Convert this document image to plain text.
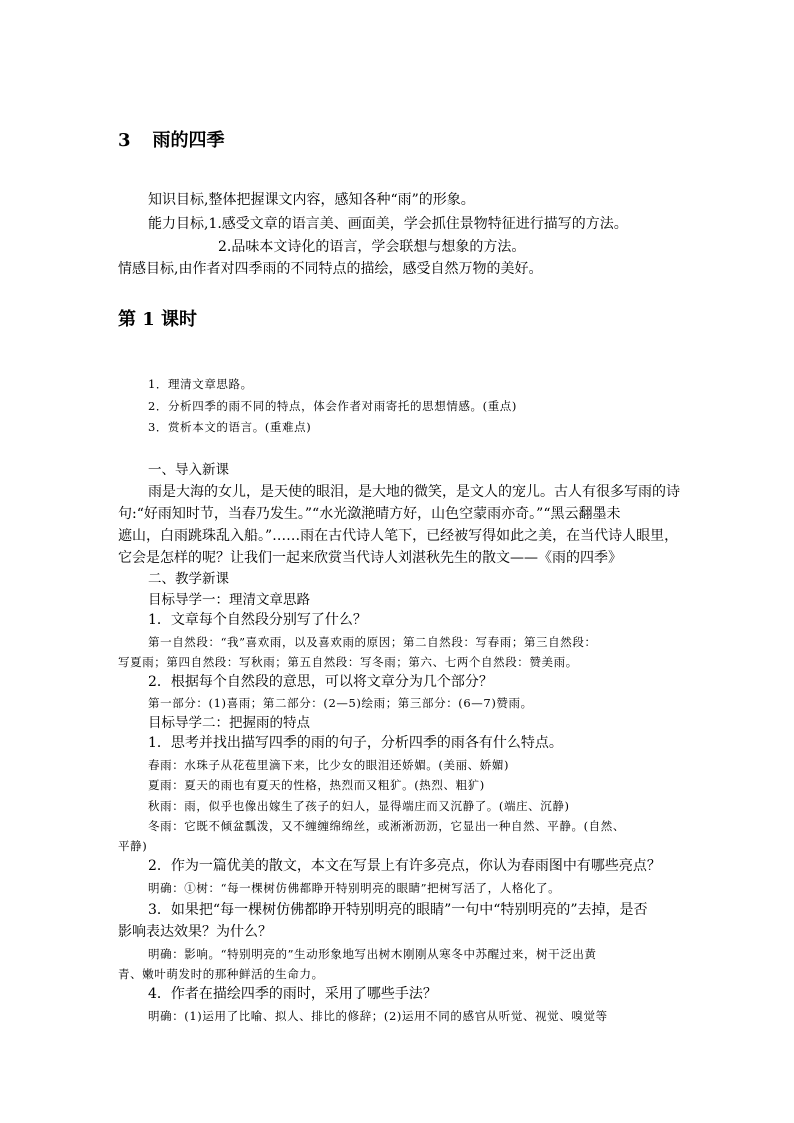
3 雨的四季
知识目标,整体把握课文内容，感知各种“雨”的形象。
能力目标,1.感受文章的语言美、画面美，学会抓住景物特征进行描写的方法。
2.品味本文诗化的语言，学会联想与想象的方法。
情感目标,由作者对四季雨的不同特点的描绘，感受自然万物的美好。
第 1 课时
1．理清文章思路。
2．分析四季的雨不同的特点，体会作者对雨寄托的思想情感。(重点)
3．赏析本文的语言。(重难点)
一、导入新课
雨是大海的女儿，是天使的眼泪，是大地的微笑，是文人的宠儿。古人有很多写雨的诗
句:“好雨知时节，当春乃发生。”“水光潋滟晴方好，山色空蒙雨亦奇。”“黑云翻墨未
遮山，白雨跳珠乱入船。”……雨在古代诗人笔下，已经被写得如此之美，在当代诗人眼里，
它会是怎样的呢？让我们一起来欣赏当代诗人刘湛秋先生的散文——《雨的四季》
二、教学新课
目标导学一：理清文章思路
1．文章每个自然段分别写了什么？
第一自然段：“我”喜欢雨，以及喜欢雨的原因；第二自然段：写春雨；第三自然段：
写夏雨；第四自然段：写秋雨；第五自然段：写冬雨；第六、七两个自然段：赞美雨。
2．根据每个自然段的意思，可以将文章分为几个部分？
第一部分：(1)喜雨；第二部分：(2—5)绘雨；第三部分：(6—7)赞雨。
目标导学二：把握雨的特点
1．思考并找出描写四季的雨的句子，分析四季的雨各有什么特点。
春雨：水珠子从花苞里滴下来，比少女的眼泪还娇媚。(美丽、娇媚)
夏雨：夏天的雨也有夏天的性格，热烈而又粗犷。(热烈、粗犷)
秋雨：雨，似乎也像出嫁生了孩子的妇人，显得端庄而又沉静了。(端庄、沉静)
冬雨：它既不倾盆瓢泼，又不缠缠绵绵丝，或淅淅沥沥，它显出一种自然、平静。(自然、
平静)
2．作为一篇优美的散文，本文在写景上有许多亮点，你认为春雨图中有哪些亮点？
明确：①树：“每一棵树仿佛都睁开特别明亮的眼睛”把树写活了，人格化了。
3．如果把“每一棵树仿佛都睁开特别明亮的眼睛”一句中“特别明亮的”去掉，是否
影响表达效果？为什么？
明确：影响。“特别明亮的”生动形象地写出树木刚刚从寒冬中苏醒过来，树干泛出黄
青、嫩叶萌发时的那种鲜活的生命力。
4．作者在描绘四季的雨时，采用了哪些手法？
明确：(1)运用了比喻、拟人、排比的修辞；(2)运用不同的感官从听觉、视觉、嗅觉等
